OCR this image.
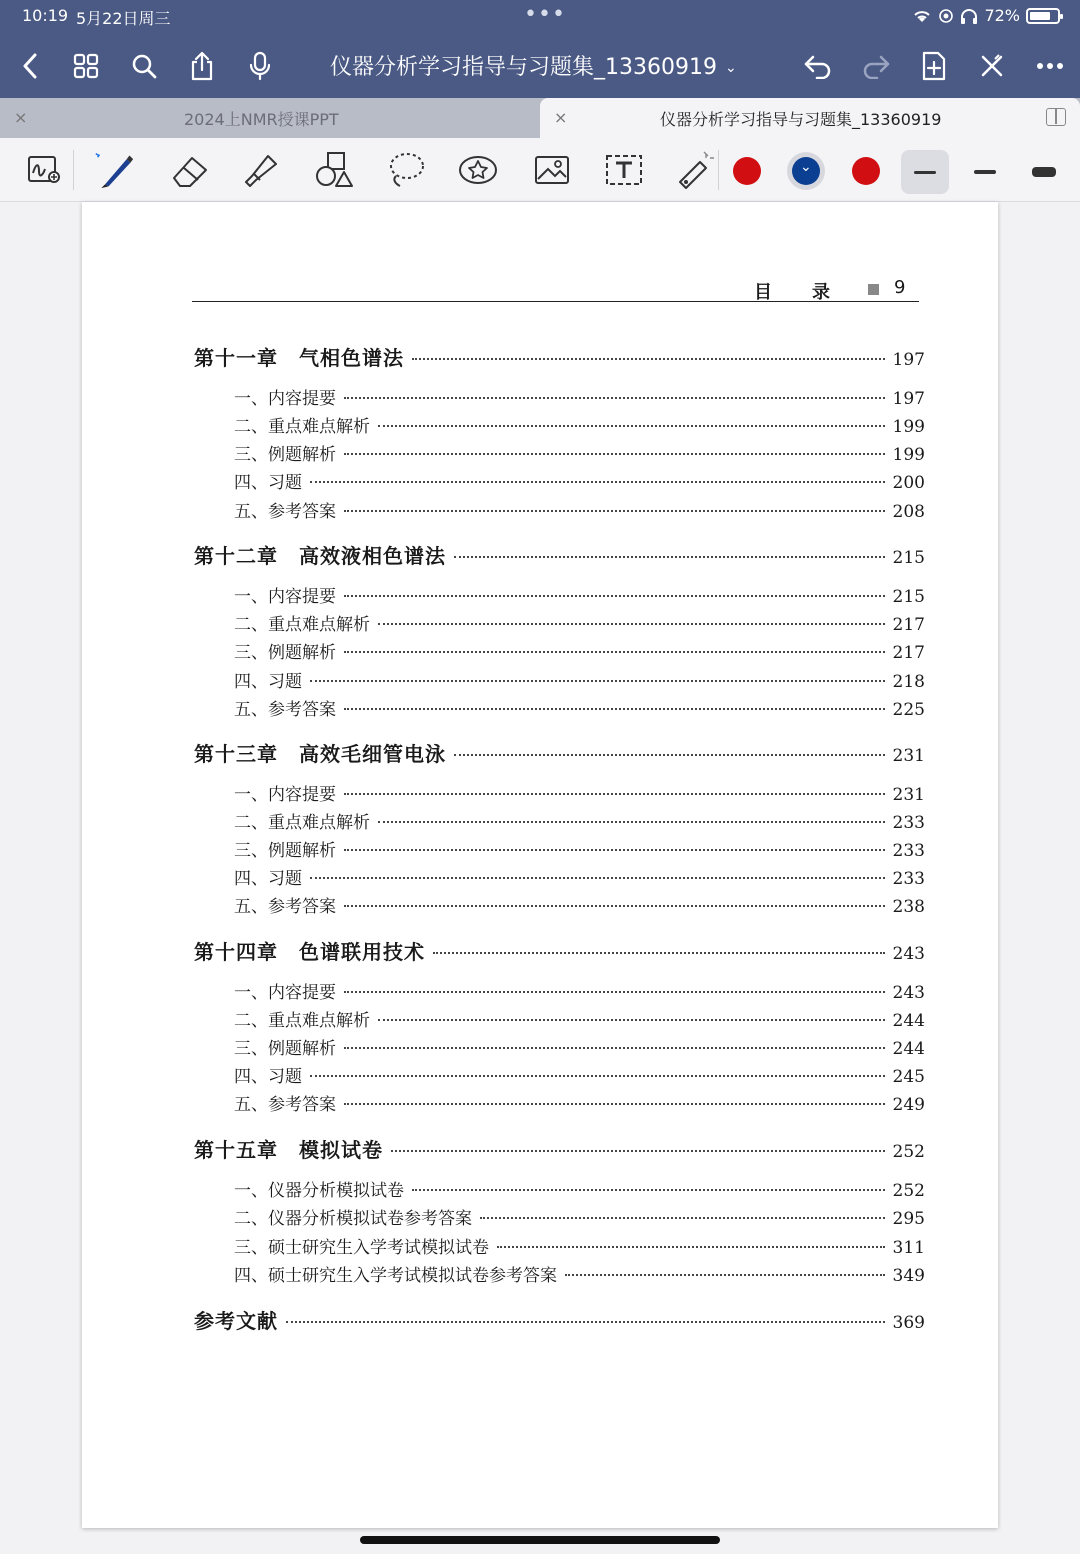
10:19 5月22日周三	•••	72%
仪器分析学习指导与习题集_13360919 ⌄
×	2024上NMR授课PPT	×	仪器分析学习指导与习题集_13360919
⌄
目 录	9
第十一章　气相色谱法	197
一、内容提要	197
二、重点难点解析	199
三、例题解析	199
四、习题	200
五、参考答案	208
第十二章　高效液相色谱法	215
一、内容提要	215
二、重点难点解析	217
三、例题解析	217
四、习题	218
五、参考答案	225
第十三章　高效毛细管电泳	231
一、内容提要	231
二、重点难点解析	233
三、例题解析	233
四、习题	233
五、参考答案	238
第十四章　色谱联用技术	243
一、内容提要	243
二、重点难点解析	244
三、例题解析	244
四、习题	245
五、参考答案	249
第十五章　模拟试卷	252
一、仪器分析模拟试卷	252
二、仪器分析模拟试卷参考答案	295
三、硕士研究生入学考试模拟试卷	311
四、硕士研究生入学考试模拟试卷参考答案	349
参考文献	369
